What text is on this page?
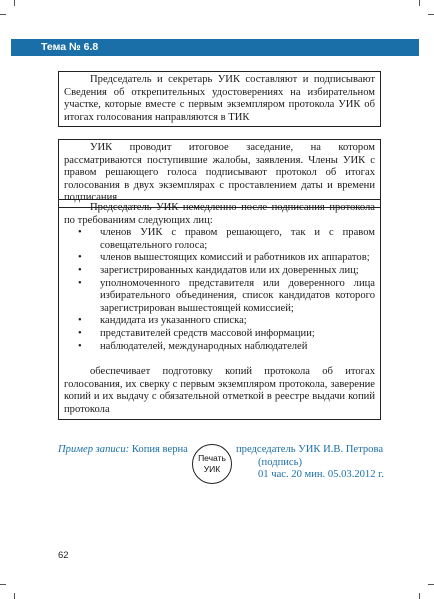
Тема № 6.8

Председатель и секретарь УИК составляют и подписывают Сведения об открепительных удостоверениях на избирательном участке, которые вместе с первым экземпляром протокола УИК об итогах голосования направляются в ТИК

УИК проводит итоговое заседание, на котором рассматриваются поступившие жалобы, заявления. Члены УИК с правом решающего голоса подписывают протокол об итогах голосования в двух экземплярах с проставлением даты и времени подписания

Председатель УИК немедленно после подписания протокола по требованиям следующих лиц:

• членов УИК с правом решающего, так и с правом совещательного голоса;
• членов вышестоящих комиссий и работников их аппаратов;
• зарегистрированных кандидатов или их доверенных лиц;
• уполномоченного представителя или доверенного лица избирательного объединения, список кандидатов которого зарегистрирован вышестоящей комиссией;
• кандидата из указанного списка;
• представителей средств массовой информации;
• наблюдателей, международных наблюдателей

обеспечивает подготовку копий протокола об итогах голосования, их сверку с первым экземпляром протокола, заверение копий и их выдачу с обязательной отметкой в реестре выдачи копий протокола

Пример записи: Копия верна
Печать
УИК
председатель УИК И.В. Петрова
(подпись)
01 час. 20 мин. 05.03.2012 г.
62
